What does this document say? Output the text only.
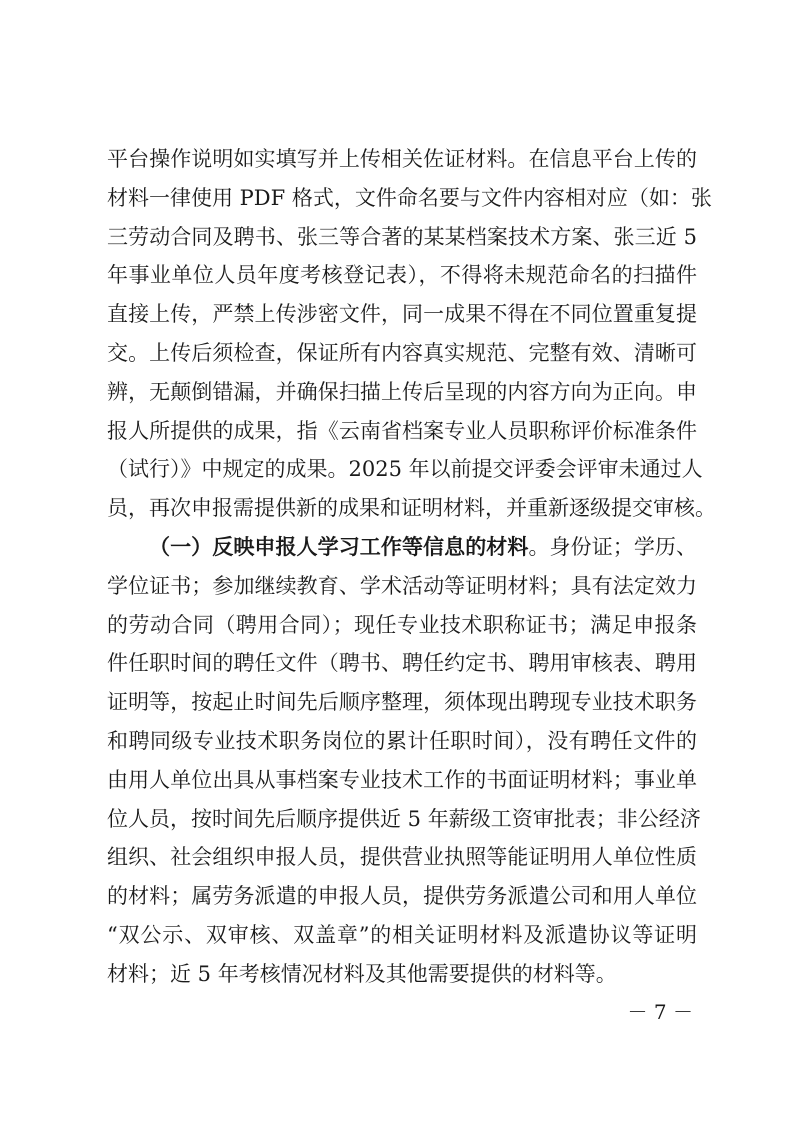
平台操作说明如实填写并上传相关佐证材料。在信息平台上传的
材料一律使用 PDF 格式，文件命名要与文件内容相对应（如：张
三劳动合同及聘书、张三等合著的某某档案技术方案、张三近 5
年事业单位人员年度考核登记表），不得将未规范命名的扫描件
直接上传，严禁上传涉密文件，同一成果不得在不同位置重复提
交。上传后须检查，保证所有内容真实规范、完整有效、清晰可
辨，无颠倒错漏，并确保扫描上传后呈现的内容方向为正向。申
报人所提供的成果，指《云南省档案专业人员职称评价标准条件
（试行）》中规定的成果。2025 年以前提交评委会评审未通过人
员，再次申报需提供新的成果和证明材料，并重新逐级提交审核。
（一）反映申报人学习工作等信息的材料。身份证；学历、
学位证书；参加继续教育、学术活动等证明材料；具有法定效力
的劳动合同（聘用合同）；现任专业技术职称证书；满足申报条
件任职时间的聘任文件（聘书、聘任约定书、聘用审核表、聘用
证明等，按起止时间先后顺序整理，须体现出聘现专业技术职务
和聘同级专业技术职务岗位的累计任职时间），没有聘任文件的
由用人单位出具从事档案专业技术工作的书面证明材料；事业单
位人员，按时间先后顺序提供近 5 年薪级工资审批表；非公经济
组织、社会组织申报人员，提供营业执照等能证明用人单位性质
的材料；属劳务派遣的申报人员，提供劳务派遣公司和用人单位
“双公示、双审核、双盖章”的相关证明材料及派遣协议等证明
材料；近 5 年考核情况材料及其他需要提供的材料等。
－ 7 －
